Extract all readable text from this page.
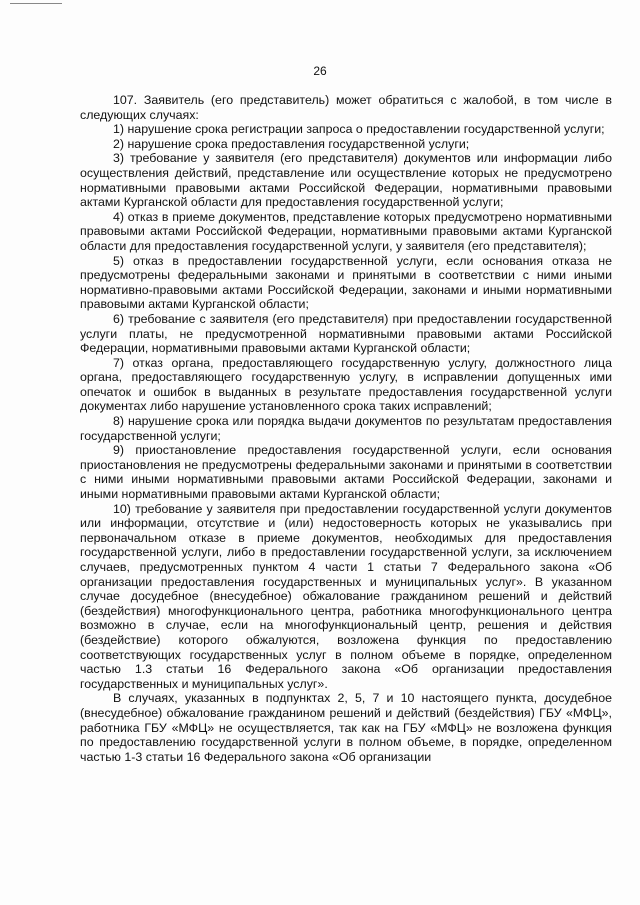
26

107. Заявитель (его представитель) может обратиться с жалобой, в том числе в следующих случаях:

1) нарушение срока регистрации запроса о предоставлении государственной услуги;

2) нарушение срока предоставления государственной услуги;

3) требование у заявителя (его представителя) документов или информации либо осуществления действий, представление или осуществление которых не предусмотрено нормативными правовыми актами Российской Федерации, нормативными правовыми актами Курганской области для предоставления государственной услуги;

4) отказ в приеме документов, представление которых предусмотрено нормативными правовыми актами Российской Федерации, нормативными правовыми актами Курганской области для предоставления государственной услуги, у заявителя (его представителя);

5) отказ в предоставлении государственной услуги, если основания отказа не предусмотрены федеральными законами и принятыми в соответствии с ними иными нормативно-правовыми актами Российской Федерации, законами и иными нормативными правовыми актами Курганской области;

6) требование с заявителя (его представителя) при предоставлении государственной услуги платы, не предусмотренной нормативными правовыми актами Российской Федерации, нормативными правовыми актами Курганской области;

7) отказ органа, предоставляющего государственную услугу, должностного лица органа, предоставляющего государственную услугу, в исправлении допущенных ими опечаток и ошибок в выданных в результате предоставления государственной услуги документах либо нарушение установленного срока таких исправлений;

8) нарушение срока или порядка выдачи документов по результатам предоставления государственной услуги;

9) приостановление предоставления государственной услуги, если основания приостановления не предусмотрены федеральными законами и принятыми в соответствии с ними иными нормативными правовыми актами Российской Федерации, законами и иными нормативными правовыми актами Курганской области;

10) требование у заявителя при предоставлении государственной услуги документов или информации, отсутствие и (или) недостоверность которых не указывались при первоначальном отказе в приеме документов, необходимых для предоставления государственной услуги, либо в предоставлении государственной услуги, за исключением случаев, предусмотренных пунктом 4 части 1 статьи 7 Федерального закона «Об организации предоставления государственных и муниципальных услуг». В указанном случае досудебное (внесудебное) обжалование гражданином решений и действий (бездействия) многофункционального центра, работника многофункционального центра возможно в случае, если на многофункциональный центр, решения и действия (бездействие) которого обжалуются, возложена функция по предоставлению соответствующих государственных услуг в полном объеме в порядке, определенном частью 1.3 статьи 16 Федерального закона «Об организации предоставления государственных и муниципальных услуг».

В случаях, указанных в подпунктах 2, 5, 7 и 10 настоящего пункта, досудебное (внесудебное) обжалование гражданином решений и действий (бездействия) ГБУ «МФЦ», работника ГБУ «МФЦ» не осуществляется, так как на ГБУ «МФЦ» не возложена функция по предоставлению государственной услуги в полном объеме, в порядке, определенном частью 1-3 статьи 16 Федерального закона «Об организации
